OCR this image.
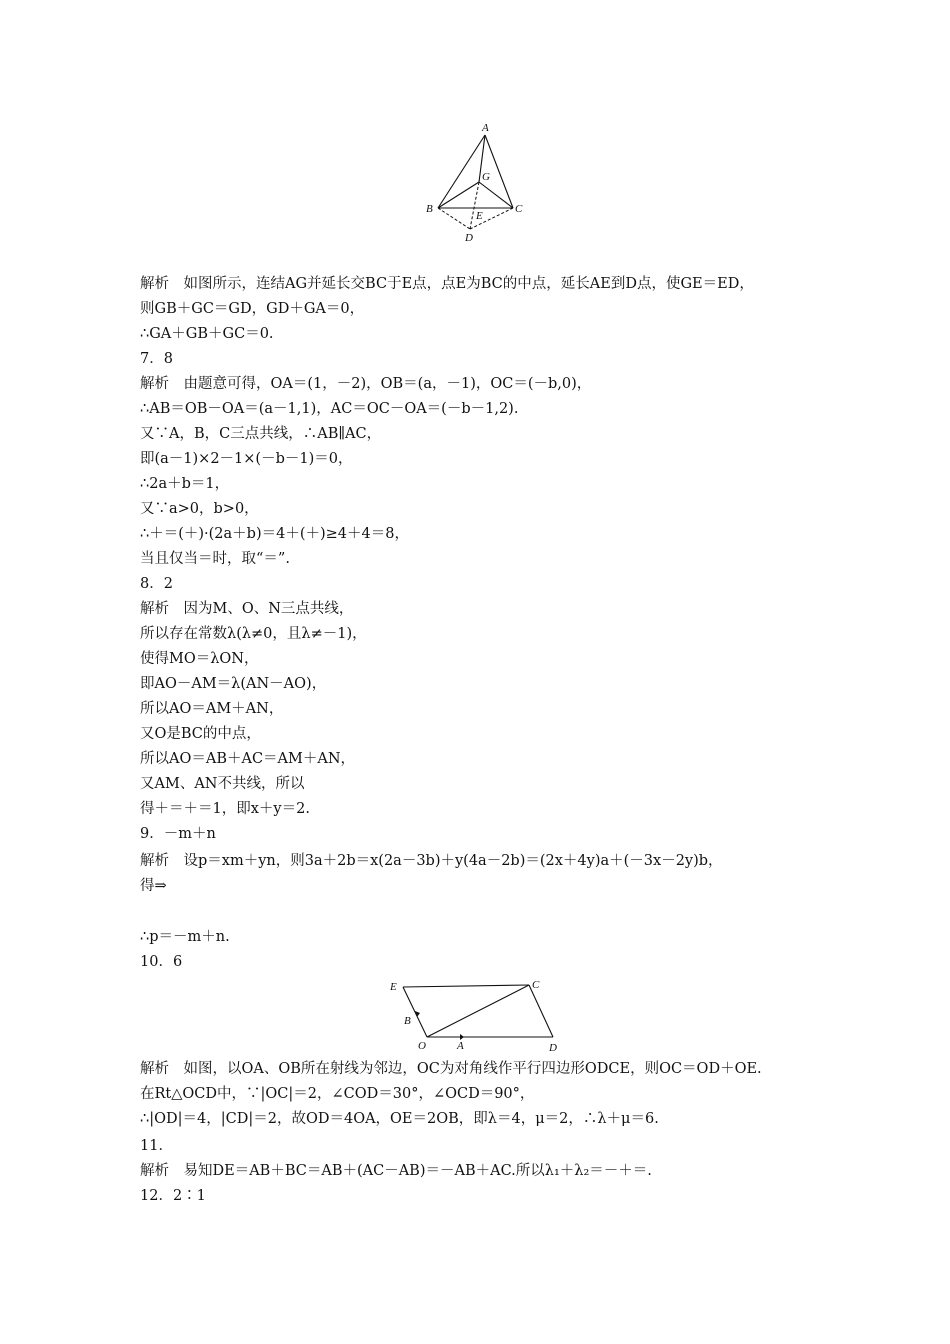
A
G
B
E
C
D
解析　如图所示，连结AG并延长交BC于E点，点E为BC的中点，延长AE到D点，使GE＝ED，
则GB＋GC＝GD，GD＋GA＝0，
∴GA＋GB＋GC＝0.
7．8
解析　由题意可得，OA＝(1，－2)，OB＝(a，－1)，OC＝(－b,0)，
∴AB＝OB－OA＝(a－1,1)，AC＝OC－OA＝(－b－1,2).
又∵A，B，C三点共线，∴AB∥AC，
即(a－1)×2－1×(－b－1)＝0，
∴2a＋b＝1，
又∵a>0，b>0，
∴＋＝(＋)·(2a＋b)＝4＋(＋)≥4＋4＝8，
当且仅当＝时，取“＝”.
8．2
解析　因为M、O、N三点共线，
所以存在常数λ(λ≠0，且λ≠－1)，
使得MO＝λON，
即AO－AM＝λ(AN－AO)，
所以AO＝AM＋AN，
又O是BC的中点，
所以AO＝AB＋AC＝AM＋AN，
又AM、AN不共线，所以
得＋＝＋＝1，即x＋y＝2.
9．－m＋n
解析　设p＝xm＋yn，则3a＋2b＝x(2a－3b)＋y(4a－2b)＝(2x＋4y)a＋(－3x－2y)b，
得⇒
∴p＝－m＋n.
10．6
E	C
B
O	A	D
解析　如图，以OA、OB所在射线为邻边，OC为对角线作平行四边形ODCE，则OC＝OD＋OE.
在Rt△OCD中，∵|OC|＝2，∠COD＝30°，∠OCD＝90°，
∴|OD|＝4，|CD|＝2，故OD＝4OA，OE＝2OB，即λ＝4，μ＝2，∴λ＋μ＝6.
11．
解析　易知DE＝AB＋BC＝AB＋(AC－AB)＝－AB＋AC.所以λ₁＋λ₂＝－＋＝.
12．2∶1
